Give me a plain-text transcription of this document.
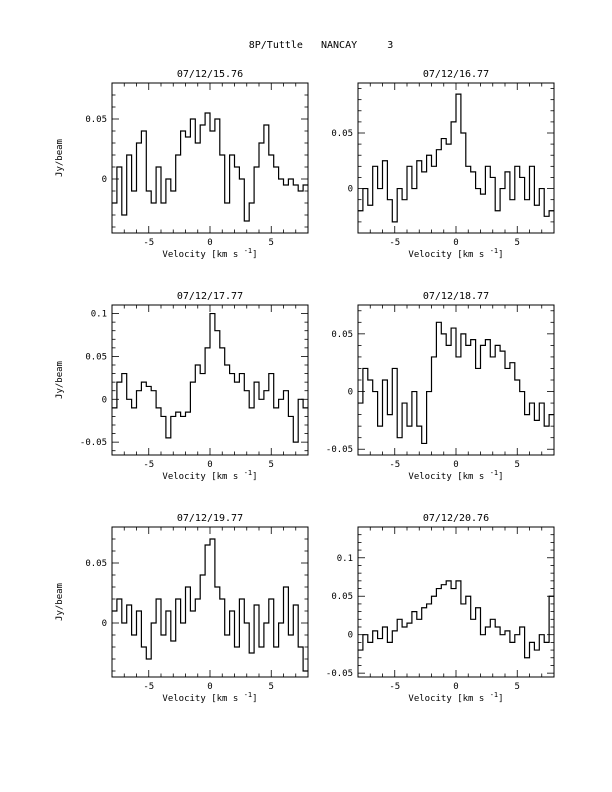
8P/Tuttle   NANCAY     3
07/12/15.76
-5	0	5
0
0.05
Velocity [km s $^{-1}$]
Jy/beam
07/12/16.77
-5	0	5
0
0.05
Velocity [km s $^{-1}$]
07/12/17.77
-5	0	5
-0.05
0
0.05
0.1
Velocity [km s $^{-1}$]
Jy/beam
07/12/18.77
-5	0	5
-0.05
0
0.05
Velocity [km s $^{-1}$]
07/12/19.77
-5	0	5
0
0.05
Velocity [km s $^{-1}$]
Jy/beam
07/12/20.76
-5	0	5
-0.05
0
0.05
0.1
Velocity [km s $^{-1}$]
